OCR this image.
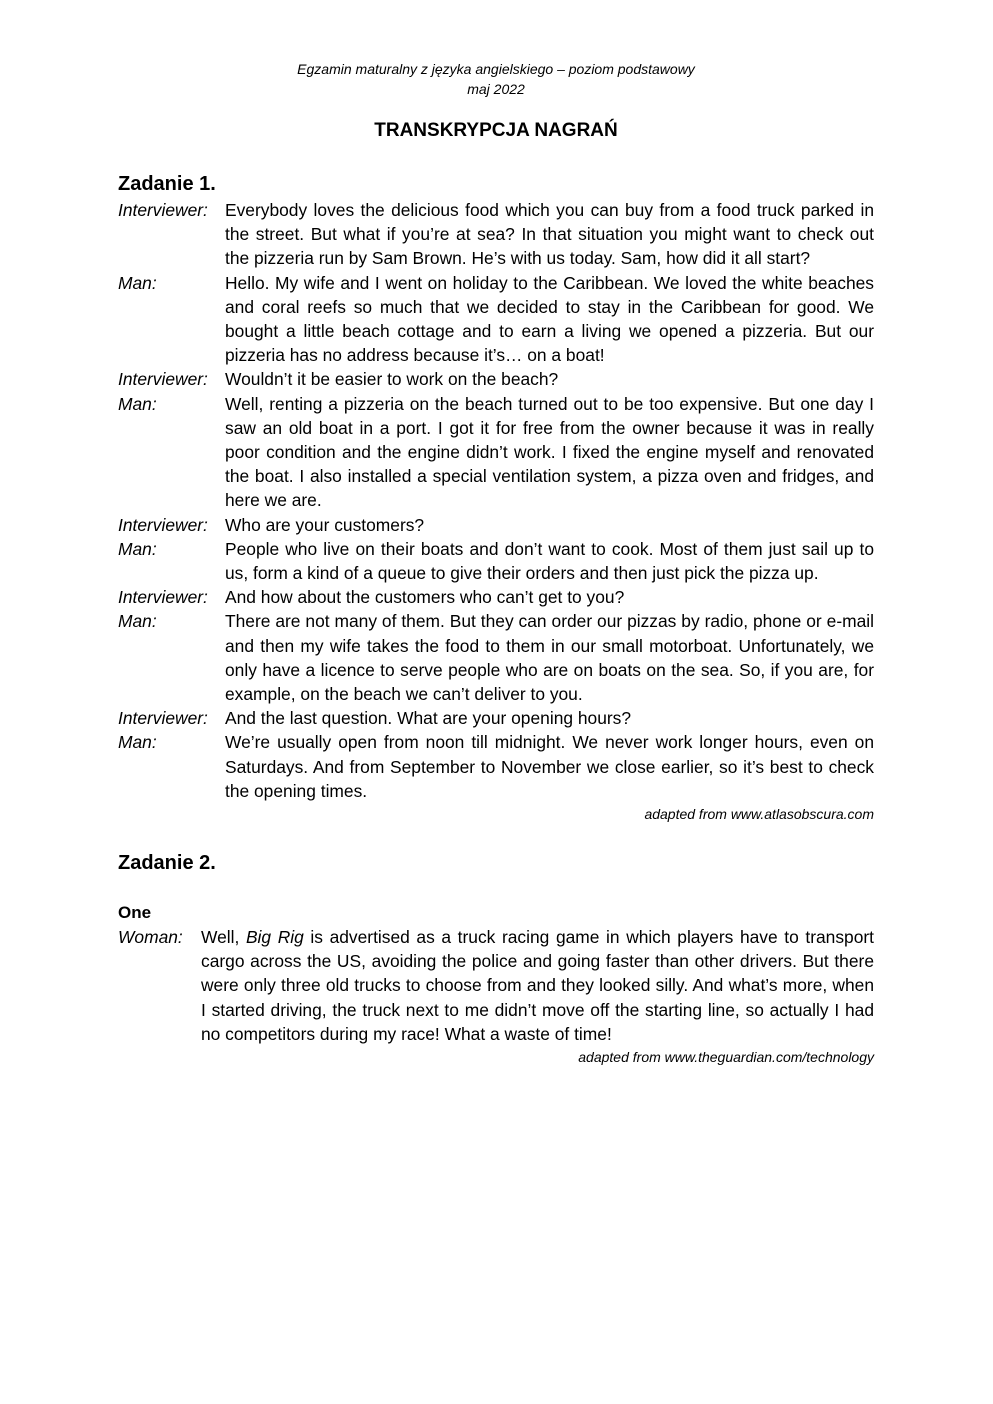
Egzamin maturalny z języka angielskiego – poziom podstawowy
maj 2022
TRANSKRYPCJA NAGRAŃ
Zadanie 1.
Interviewer: Everybody loves the delicious food which you can buy from a food truck parked in the street. But what if you’re at sea? In that situation you might want to check out the pizzeria run by Sam Brown. He’s with us today. Sam, how did it all start?
Man:	Hello. My wife and I went on holiday to the Caribbean. We loved the white beaches and coral reefs so much that we decided to stay in the Caribbean for good. We bought a little beach cottage and to earn a living we opened a pizzeria. But our pizzeria has no address because it’s… on a boat!
Interviewer: Wouldn’t it be easier to work on the beach?
Man:	Well, renting a pizzeria on the beach turned out to be too expensive. But one day I saw an old boat in a port. I got it for free from the owner because it was in really poor condition and the engine didn’t work. I fixed the engine myself and renovated the boat. I also installed a special ventilation system, a pizza oven and fridges, and here we are.
Interviewer: Who are your customers?
Man:	People who live on their boats and don’t want to cook. Most of them just sail up to us, form a kind of a queue to give their orders and then just pick the pizza up.
Interviewer: And how about the customers who can’t get to you?
Man:	There are not many of them. But they can order our pizzas by radio, phone or e-mail and then my wife takes the food to them in our small motorboat. Unfortunately, we only have a licence to serve people who are on boats on the sea. So, if you are, for example, on the beach we can’t deliver to you.
Interviewer: And the last question. What are your opening hours?
Man:	We’re usually open from noon till midnight. We never work longer hours, even on Saturdays. And from September to November we close earlier, so it’s best to check the opening times.
adapted from www.atlasobscura.com
Zadanie 2.
One
Woman:	Well, Big Rig is advertised as a truck racing game in which players have to transport cargo across the US, avoiding the police and going faster than other drivers. But there were only three old trucks to choose from and they looked silly. And what’s more, when I started driving, the truck next to me didn’t move off the starting line, so actually I had no competitors during my race! What a waste of time!
adapted from www.theguardian.com/technology
